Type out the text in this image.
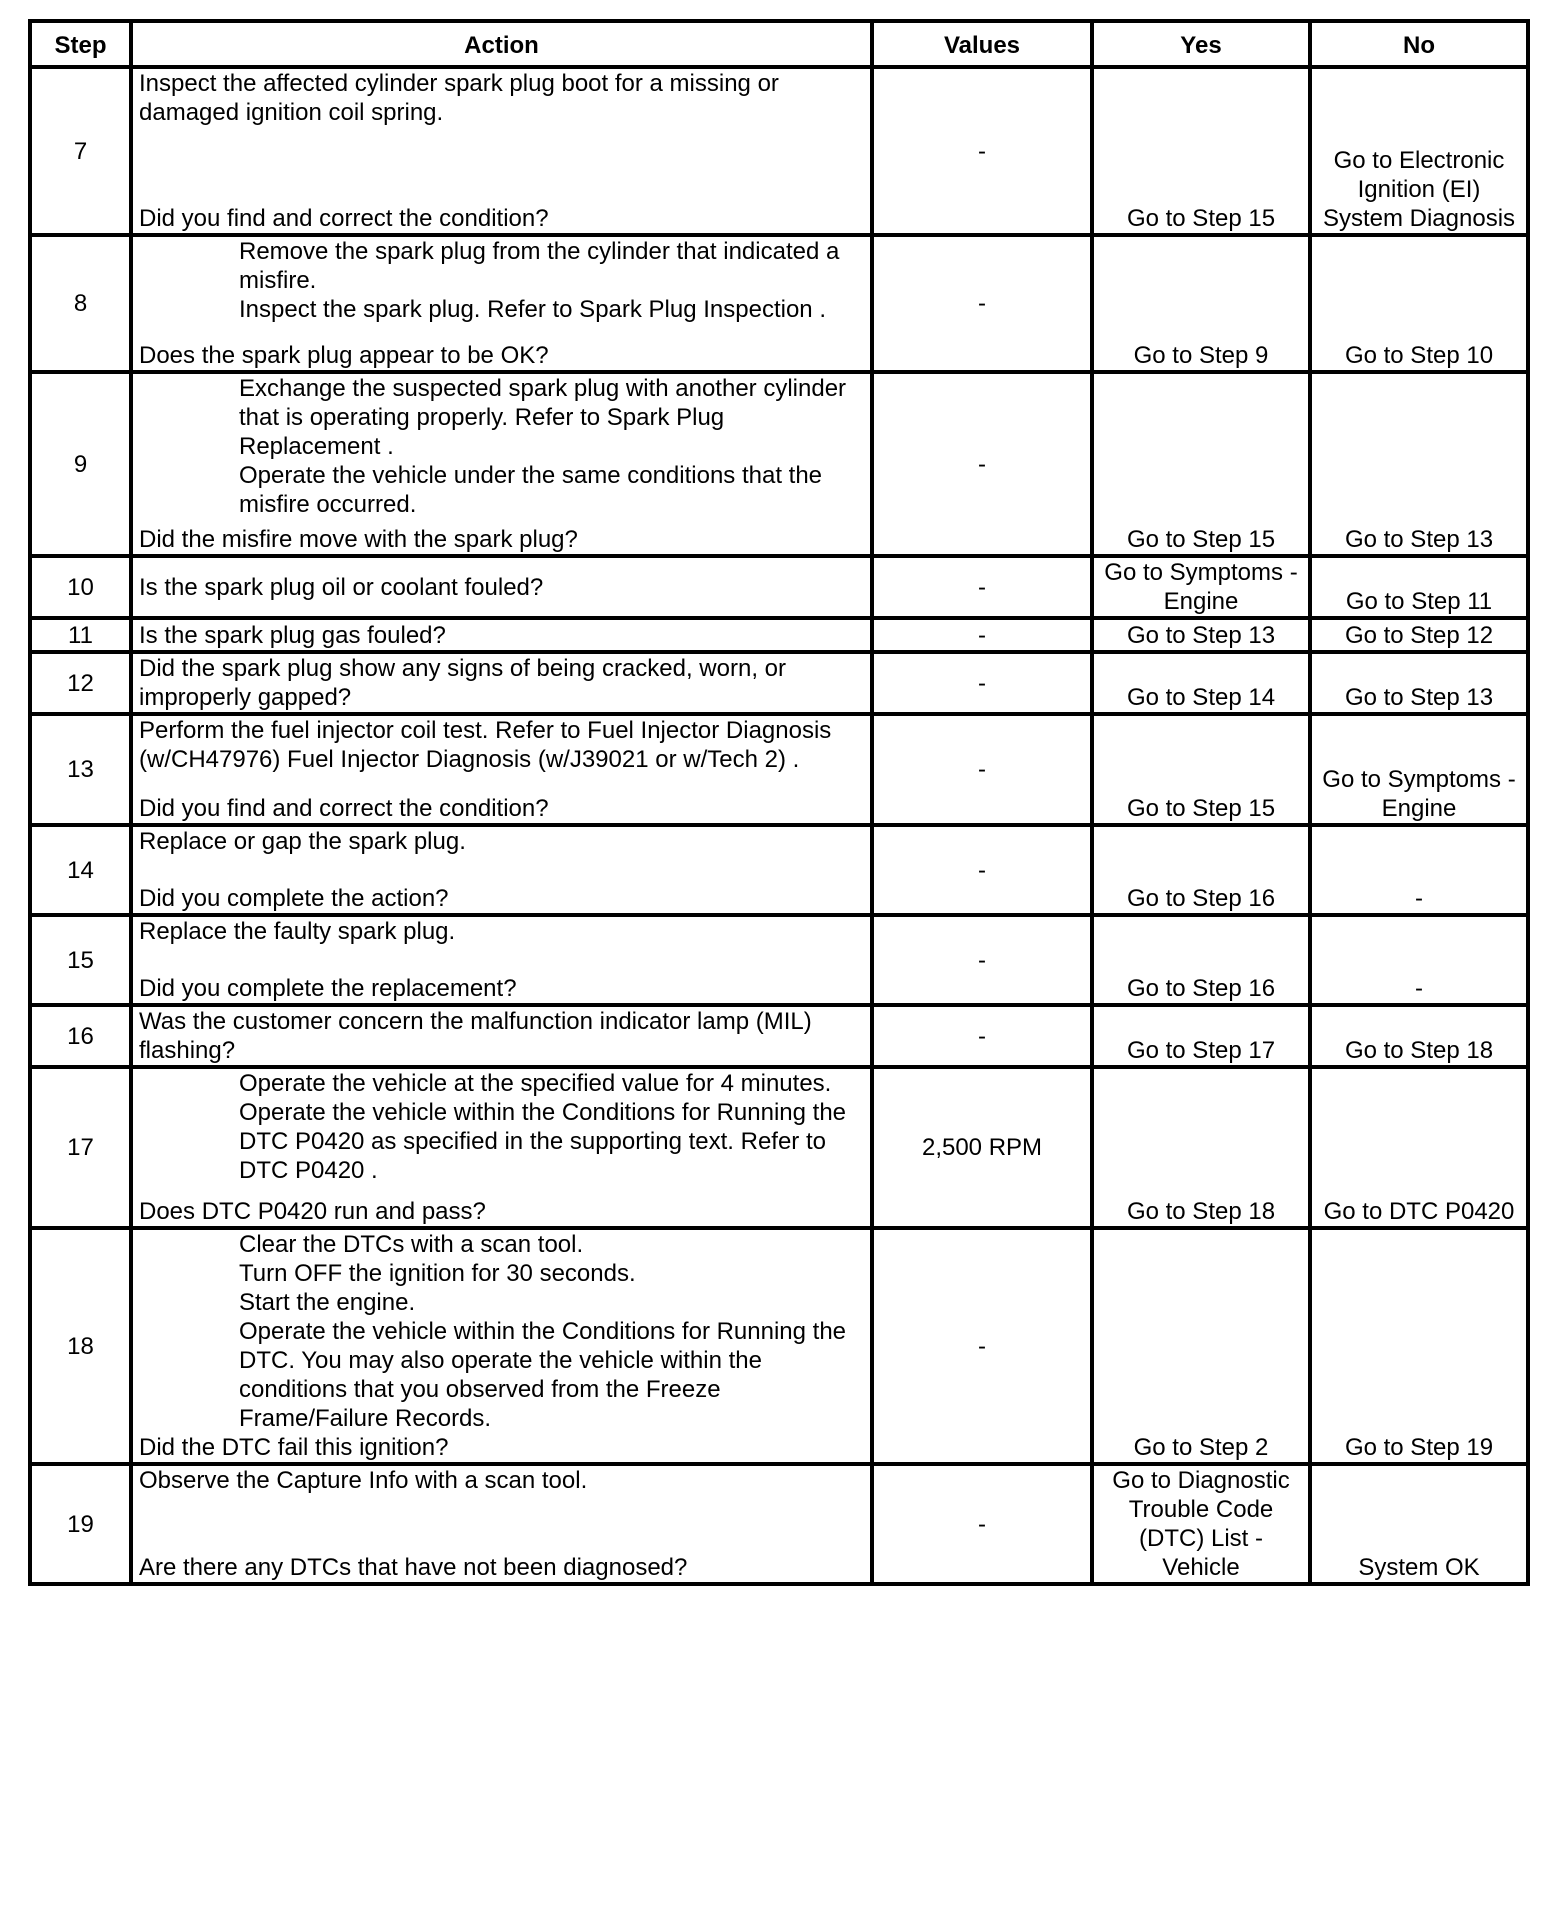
Step	Action	Values	Yes	No
7	Inspect the affected cylinder spark plug boot for a missing or damaged ignition coil spring.
Did you find and correct the condition?	-	Go to Step 15	Go to Electronic Ignition (EI) System Diagnosis
8	Remove the spark plug from the cylinder that indicated a misfire.
Inspect the spark plug. Refer to Spark Plug Inspection .
Does the spark plug appear to be OK?	-	Go to Step 9	Go to Step 10
9	Exchange the suspected spark plug with another cylinder that is operating properly. Refer to Spark Plug Replacement .
Operate the vehicle under the same conditions that the misfire occurred.
Did the misfire move with the spark plug?	-	Go to Step 15	Go to Step 13
10	Is the spark plug oil or coolant fouled?	-	Go to Symptoms - Engine	Go to Step 11
11	Is the spark plug gas fouled?	-	Go to Step 13	Go to Step 12
12	Did the spark plug show any signs of being cracked, worn, or improperly gapped?	-	Go to Step 14	Go to Step 13
13	Perform the fuel injector coil test. Refer to Fuel Injector Diagnosis (w/CH47976) Fuel Injector Diagnosis (w/J39021 or w/Tech 2) .
Did you find and correct the condition?	-	Go to Step 15	Go to Symptoms - Engine
14	Replace or gap the spark plug.
Did you complete the action?	-	Go to Step 16	-
15	Replace the faulty spark plug.
Did you complete the replacement?	-	Go to Step 16	-
16	Was the customer concern the malfunction indicator lamp (MIL) flashing?	-	Go to Step 17	Go to Step 18
17	Operate the vehicle at the specified value for 4 minutes.
Operate the vehicle within the Conditions for Running the DTC P0420 as specified in the supporting text. Refer to DTC P0420 .
Does DTC P0420 run and pass?	2,500 RPM	Go to Step 18	Go to DTC P0420
18	Clear the DTCs with a scan tool.
Turn OFF the ignition for 30 seconds.
Start the engine.
Operate the vehicle within the Conditions for Running the DTC. You may also operate the vehicle within the conditions that you observed from the Freeze Frame/Failure Records.
Did the DTC fail this ignition?	-	Go to Step 2	Go to Step 19
19	Observe the Capture Info with a scan tool.
Are there any DTCs that have not been diagnosed?	-	Go to Diagnostic Trouble Code (DTC) List - Vehicle	System OK
